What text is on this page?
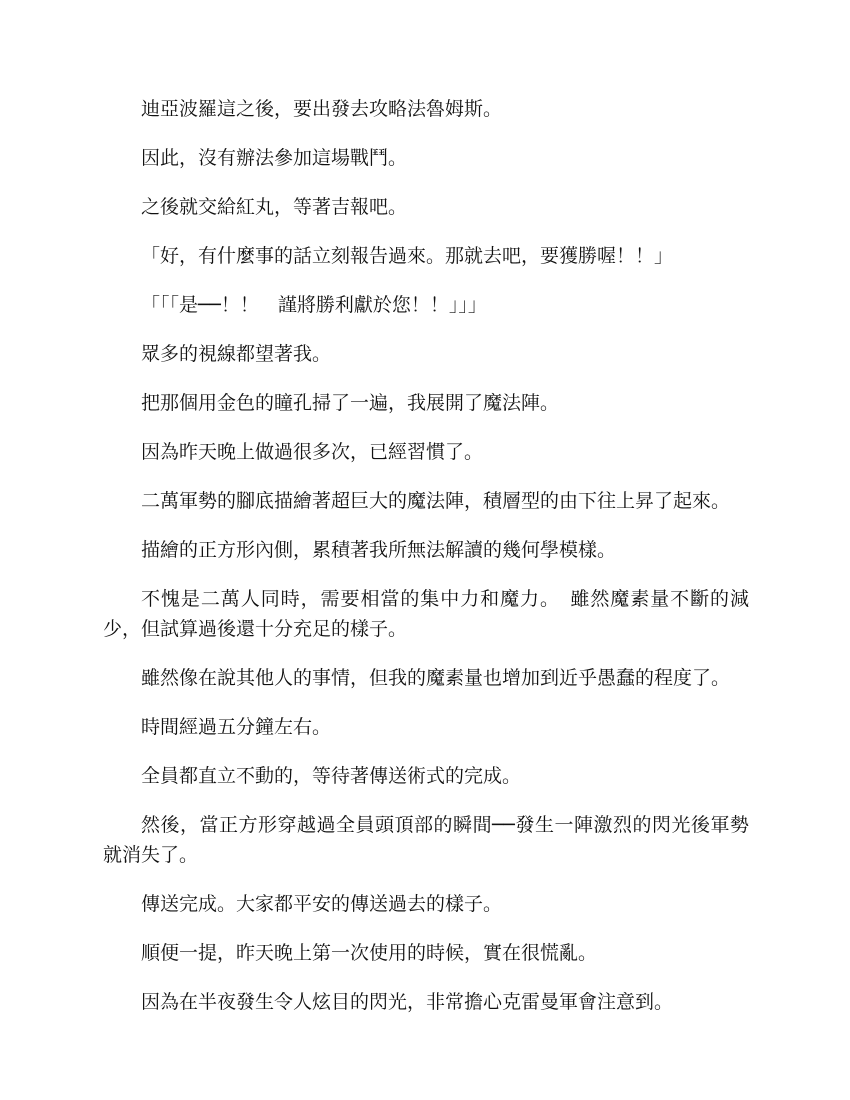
迪亞波羅這之後，要出發去攻略法魯姆斯。

因此，沒有辦法參加這場戰鬥。

之後就交給紅丸，等著吉報吧。

「好，有什麼事的話立刻報告過來。那就去吧，要獲勝喔！！」

「「「是──！！　謹將勝利獻於您！！」」」

眾多的視線都望著我。

把那個用金色的瞳孔掃了一遍，我展開了魔法陣。

因為昨天晚上做過很多次，已經習慣了。

二萬軍勢的腳底描繪著超巨大的魔法陣，積層型的由下往上昇了起來。

描繪的正方形內側，累積著我所無法解讀的幾何學模樣。

不愧是二萬人同時，需要相當的集中力和魔力。　雖然魔素量不斷的減少，但試算過後還十分充足的樣子。

雖然像在說其他人的事情，但我的魔素量也增加到近乎愚蠢的程度了。

時間經過五分鐘左右。

全員都直立不動的，等待著傳送術式的完成。

然後，當正方形穿越過全員頭頂部的瞬間──發生一陣激烈的閃光後軍勢就消失了。

傳送完成。大家都平安的傳送過去的樣子。

順便一提，昨天晚上第一次使用的時候，實在很慌亂。

因為在半夜發生令人炫目的閃光，非常擔心克雷曼軍會注意到。
